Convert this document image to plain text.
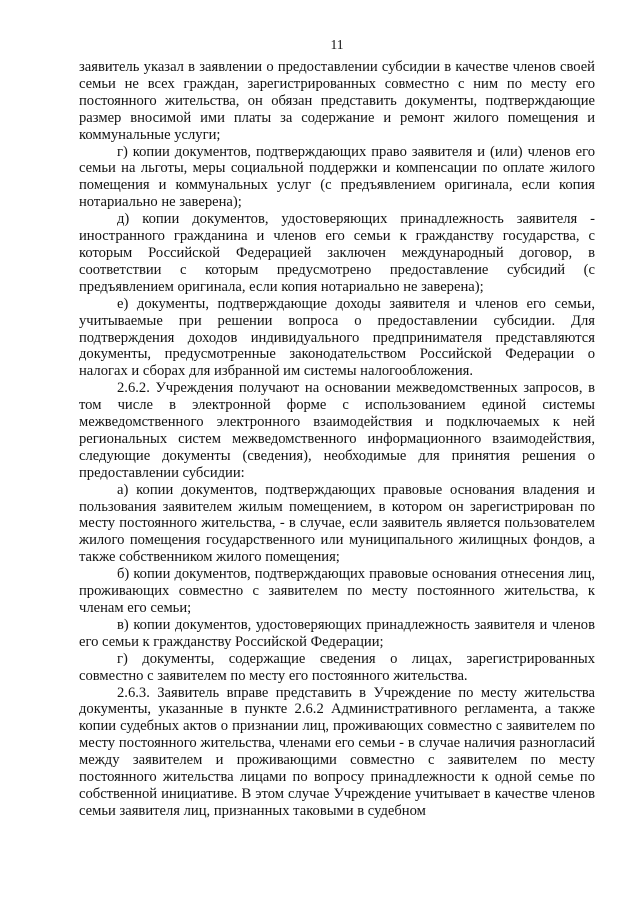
11

заявитель указал в заявлении о предоставлении субсидии в качестве членов своей семьи не всех граждан, зарегистрированных совместно с ним по месту его постоянного жительства, он обязан представить документы, подтверждающие размер вносимой ими платы за содержание и ремонт жилого помещения и коммунальные услуги;

г) копии документов, подтверждающих право заявителя и (или) членов его семьи на льготы, меры социальной поддержки и компенсации по оплате жилого помещения и коммунальных услуг (с предъявлением оригинала, если копия нотариально не заверена);

д) копии документов, удостоверяющих принадлежность заявителя - иностранного гражданина и членов его семьи к гражданству государства, с которым Российской Федерацией заключен международный договор, в соответствии с которым предусмотрено предоставление субсидий (с предъявлением оригинала, если копия нотариально не заверена);

е) документы, подтверждающие доходы заявителя и членов его семьи, учитываемые при решении вопроса о предоставлении субсидии. Для подтверждения доходов индивидуального предпринимателя представляются документы, предусмотренные законодательством Российской Федерации о налогах и сборах для избранной им системы налогообложения.

2.6.2. Учреждения получают на основании межведомственных запросов, в том числе в электронной форме с использованием единой системы межведомственного электронного взаимодействия и подключаемых к ней региональных систем межведомственного информационного взаимодействия, следующие документы (сведения), необходимые для принятия решения о предоставлении субсидии:

а) копии документов, подтверждающих правовые основания владения и пользования заявителем жилым помещением, в котором он зарегистрирован по месту постоянного жительства, - в случае, если заявитель является пользователем жилого помещения государственного или муниципального жилищных фондов, а также собственником жилого помещения;

б) копии документов, подтверждающих правовые основания отнесения лиц, проживающих совместно с заявителем по месту постоянного жительства, к членам его семьи;

в) копии документов, удостоверяющих принадлежность заявителя и членов его семьи к гражданству Российской Федерации;

г) документы, содержащие сведения о лицах, зарегистрированных совместно с заявителем по месту его постоянного жительства.

2.6.3. Заявитель вправе представить в Учреждение по месту жительства документы, указанные в пункте 2.6.2 Административного регламента, а также копии судебных актов о признании лиц, проживающих совместно с заявителем по месту постоянного жительства, членами его семьи - в случае наличия разногласий между заявителем и проживающими совместно с заявителем по месту постоянного жительства лицами по вопросу принадлежности к одной семье по собственной инициативе. В этом случае Учреждение учитывает в качестве членов семьи заявителя лиц, признанных таковыми в судебном
